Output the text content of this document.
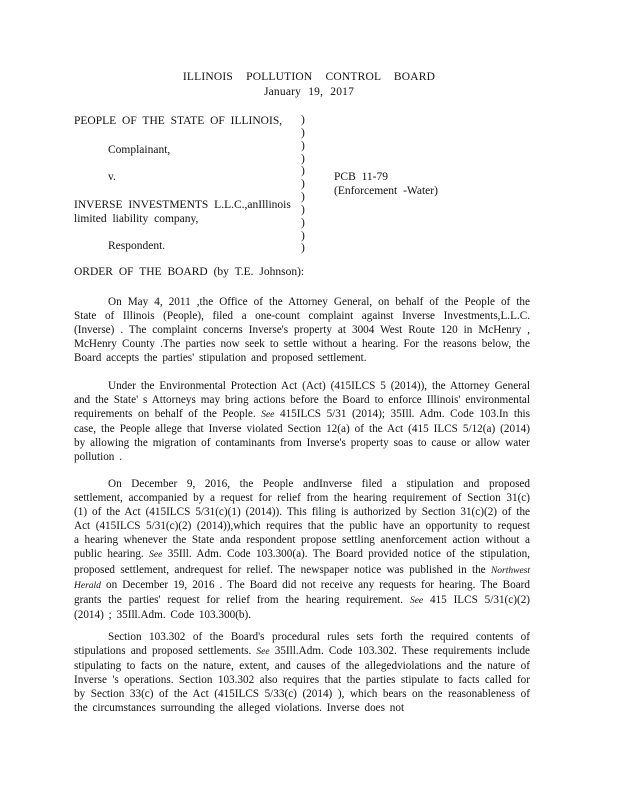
ILLINOIS POLLUTION CONTROL BOARD
January 19, 2017
PEOPLE OF THE STATE OF ILLINOIS,
Complainant,
v.
INVERSE INVESTMENTS L.L.C.,anIllinois
limited liability company,
Respondent.
PCB 11-79
(Enforcement -Water)
)
)
)
)
)
)
)
)
)
)
)
ORDER OF THE BOARD (by T.E. Johnson):
On May 4, 2011 ,the Office of the Attorney General, on behalf of the People of the State of Illinois (People), filed a one-count complaint against Inverse Investments,L.L.C. (Inverse) . The complaint concerns Inverse's property at 3004 West Route 120 in McHenry , McHenry County .The parties now seek to settle without a hearing. For the reasons below, the Board accepts the parties' stipulation and proposed settlement.
Under the Environmental Protection Act (Act) (415ILCS 5 (2014)), the Attorney General and the State' s Attorneys may bring actions before the Board to enforce Illinois' environmental requirements on behalf of the People. See 415ILCS 5/31 (2014); 35Ill. Adm. Code 103.In this case, the People allege that Inverse violated Section 12(a) of the Act (415 ILCS 5/12(a) (2014) by allowing the migration of contaminants from Inverse's property soas to cause or allow water pollution .
On December 9, 2016, the People andInverse filed a stipulation and proposed settlement, accompanied by a request for relief from the hearing requirement of Section 31(c)(1) of the Act (415ILCS 5/31(c)(1) (2014)). This filing is authorized by Section 31(c)(2) of the Act (415ILCS 5/31(c)(2) (2014)),which requires that the public have an opportunity to request a hearing whenever the State anda respondent propose settling anenforcement action without a public hearing. See 35Ill. Adm. Code 103.300(a). The Board provided notice of the stipulation, proposed settlement, andrequest for relief. The newspaper notice was published in the Northwest Herald on December 19, 2016 . The Board did not receive any requests for hearing. The Board grants the parties' request for relief from the hearing requirement. See 415 ILCS 5/31(c)(2) (2014) ; 35Ill.Adm. Code 103.300(b).
Section 103.302 of the Board's procedural rules sets forth the required contents of stipulations and proposed settlements. See 35Ill.Adm. Code 103.302. These requirements include stipulating to facts on the nature, extent, and causes of the allegedviolations and the nature of Inverse 's operations. Section 103.302 also requires that the parties stipulate to facts called for by Section 33(c) of the Act (415ILCS 5/33(c) (2014) ), which bears on the reasonableness of the circumstances surrounding the alleged violations. Inverse does not
